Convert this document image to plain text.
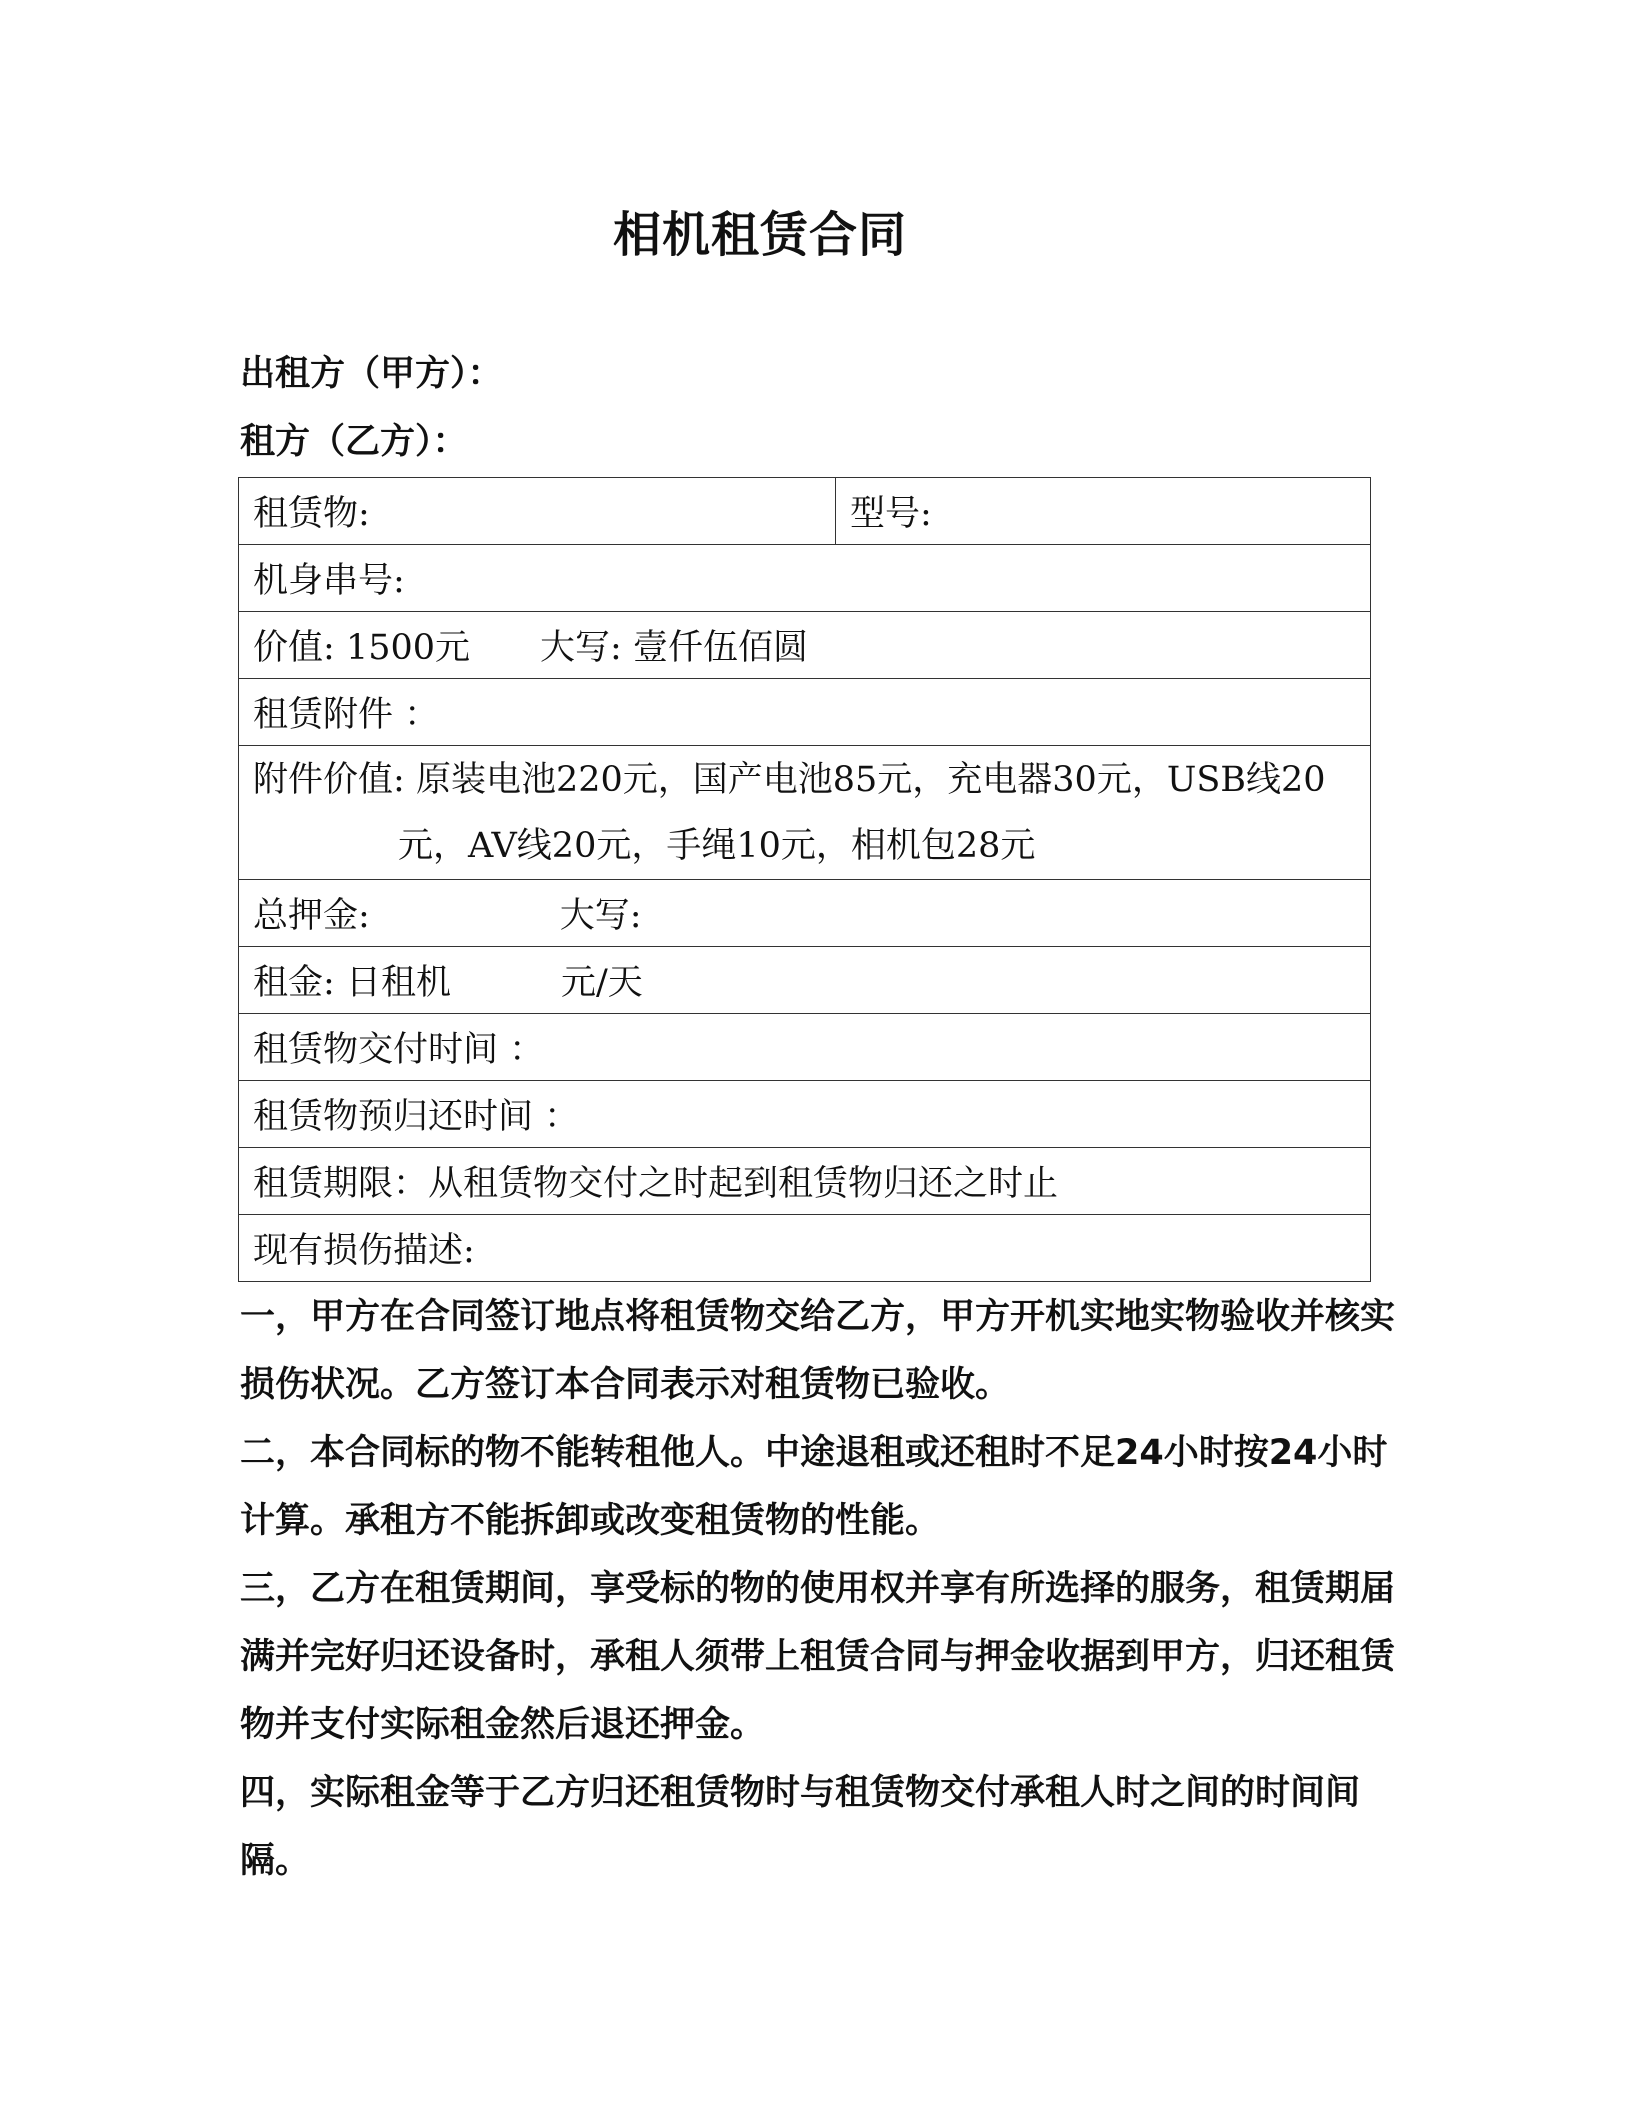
相机租赁合同
出租方（甲方）：
租方（乙方）：
租赁物:	型号:
机身串号:
价值: 1500元 大写: 壹仟伍佰圆
租赁附件 ：
附件价值: 原装电池220元，国产电池85元，充电器30元，USB线20
元，AV线20元，手绳10元，相机包28元
总押金:	大写:
租金: 日租机	元/天
租赁物交付时间 ：
租赁物预归还时间 ：
租赁期限：从租赁物交付之时起到租赁物归还之时止
现有损伤描述:

一，甲方在合同签订地点将租赁物交给乙方，甲方开机实地实物验收并核实损伤状况。乙方签订本合同表示对租赁物已验收。

二，本合同标的物不能转租他人。中途退租或还租时不足24小时按24小时计算。承租方不能拆卸或改变租赁物的性能。

三，乙方在租赁期间，享受标的物的使用权并享有所选择的服务，租赁期届满并完好归还设备时，承租人须带上租赁合同与押金收据到甲方，归还租赁物并支付实际租金然后退还押金。

四，实际租金等于乙方归还租赁物时与租赁物交付承租人时之间的时间间隔。
